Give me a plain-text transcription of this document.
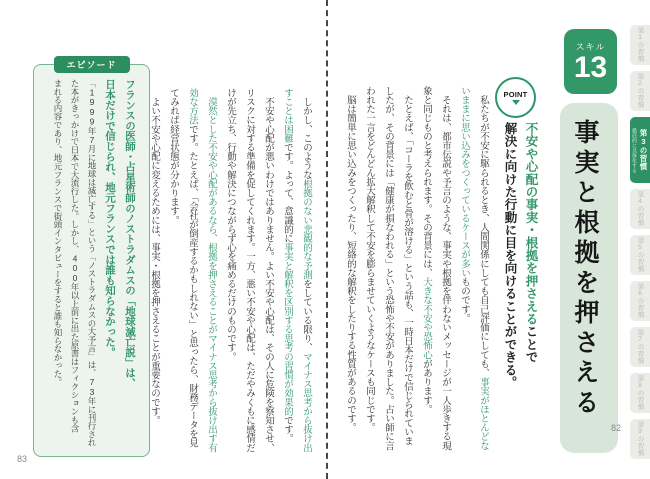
エピソード
フランスの医師・占星術師のノストラダムスの「地球滅亡説」は、
日本だけで信じられ、地元フランスでは誰も知らなかった。
「1999年7月に地球は滅亡する」という「ノストラダムスの大予言」は、73年に刊行され
た本がきっかけで日本で大流行した。しかし、400年以上前に出た原書はフィクションも含
まれる内容であり、地元フランスで街頭インタビューをすると誰も知らなかった。	　しかし、このような根拠のない悲観的な予測をしている限り、マイナス思考から抜け出
すことは困難です。よって、意識的に事実と解釈を区別する思考の習慣が効果的です。
　不安や心配が悪いわけではありません。よい不安や心配は、その人に危険を察知させ、
リスクに対する準備を促してくれます。一方、悪い不安や心配は、ただやみくもに感情だ
けが先立ち、行動や解決につながらず心を痛めるだけのものです。
　漠然とした不安や心配があるなら、根拠を押さえることがマイナス思考から抜け出す有
効な方法です。たとえば、「会社が倒産するかもしれない」と思ったら、財務データを見
てみれば経営状態が分かります。
　よい不安や心配に変えるためには、事実・根拠を押さえることが重要なのです。
83
　私たちが不安に駆られるとき、人間関係にしても自己評価にしても、事実がほとんどな
いままに思い込みをつくっているケースが多いものです。
　それは、都市伝説や予言のような、事実や根拠を伴わないメッセージが一人歩きする現
象と同じものと考えられます。その背景には、大きな不安や恐怖心があります。
　たとえば、「コーラを飲むと骨が溶ける」という話も、一時日本だけで信じられていま
したが、その背景には「健康が損なわれる」という恐怖や不安がありました。占い師に言
われた一言をどんどん拡大解釈して不安を膨らませていくようなケースも同じです。
　脳は簡単に思い込みをつくったり、短絡的な解釈をしたりする性質があるのです。	POINT
不安や心配の事実・根拠を押さえることで
解決に向けた行動に目を向けることができる。 事実と根拠を押さえる
スキル
13
第1の習慣
第2の習慣
第3の習慣
徹底的に具体化する
第4の習慣
第5の習慣
第6の習慣
第7の習慣
第8の習慣
第9の習慣
82
